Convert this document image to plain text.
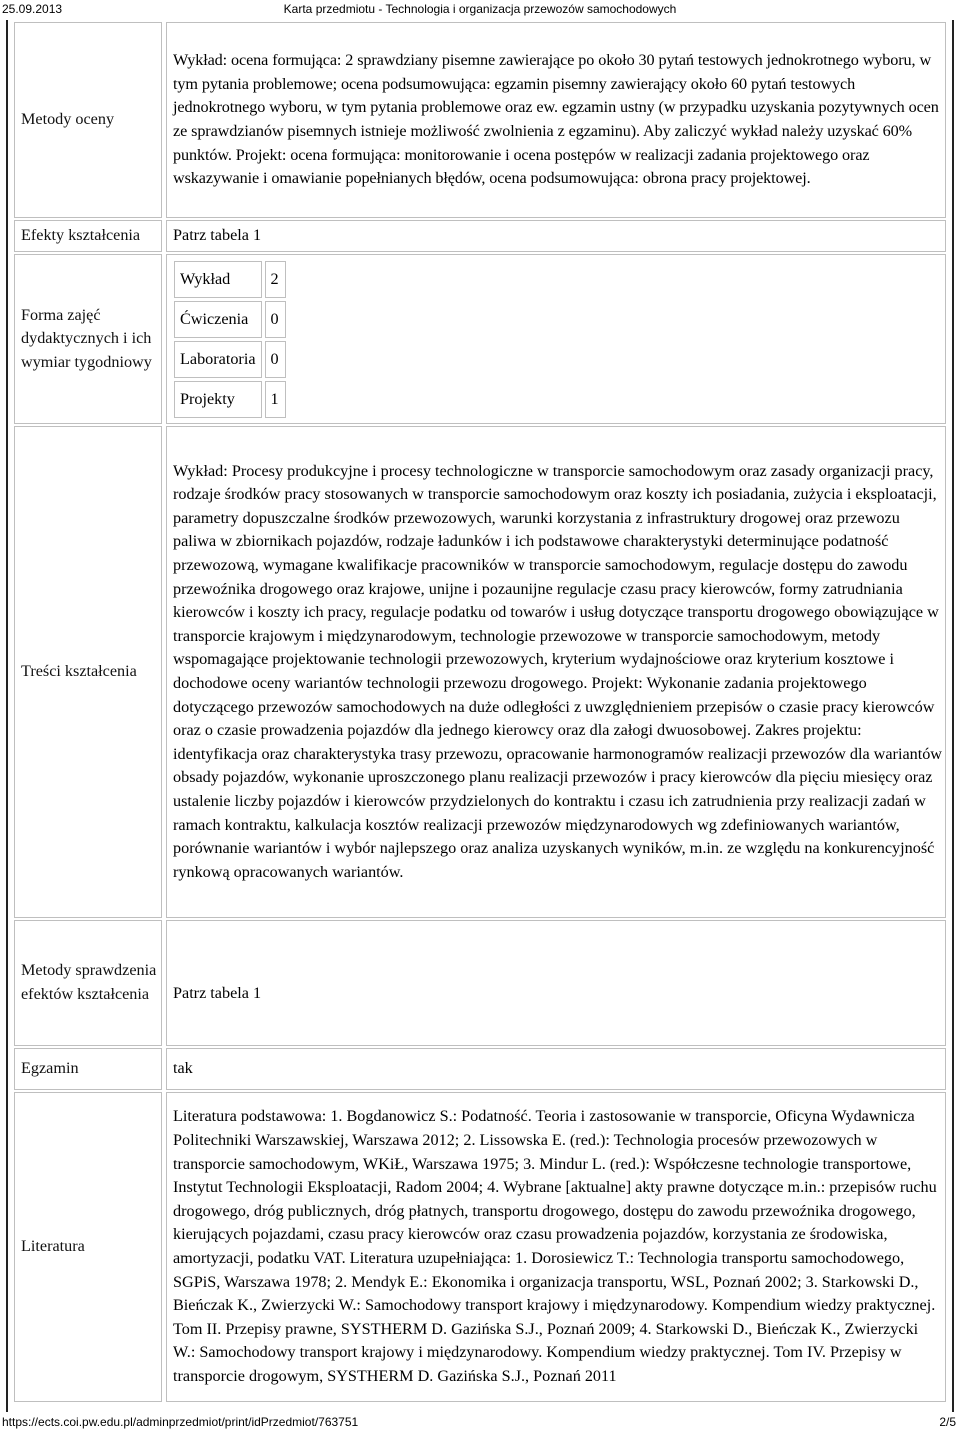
25.09.2013	Karta przedmiotu - Technologia i organizacja przewozów samochodowych
Metody oceny	Wykład: ocena formująca: 2 sprawdziany pisemne zawierające po około 30 pytań testowych jednokrotnego wyboru, w tym pytania problemowe; ocena podsumowująca: egzamin pisemny zawierający około 60 pytań testowych jednokrotnego wyboru, w tym pytania problemowe oraz ew. egzamin ustny (w przypadku uzyskania pozytywnych ocen ze sprawdzianów pisemnych istnieje możliwość zwolnienia z egzaminu). Aby zaliczyć wykład należy uzyskać 60% punktów. Projekt: ocena formująca: monitorowanie i ocena postępów w realizacji zadania projektowego oraz wskazywanie i omawianie popełnianych błędów, ocena podsumowująca: obrona pracy projektowej.
Efekty kształcenia	Patrz tabela 1
Forma zajęć dydaktycznych i ich wymiar tygodniowy	
Wykład	2
Ćwiczenia	0
Laboratoria	0
Projekty	1

Treści kształcenia	Wykład: Procesy produkcyjne i procesy technologiczne w transporcie samochodowym oraz zasady organizacji pracy, rodzaje środków pracy stosowanych w transporcie samochodowym oraz koszty ich posiadania, zużycia i eksploatacji, parametry dopuszczalne środków przewozowych, warunki korzystania z infrastruktury drogowej oraz przewozu paliwa w zbiornikach pojazdów, rodzaje ładunków i ich podstawowe charakterystyki determinujące podatność przewozową, wymagane kwalifikacje pracowników w transporcie samochodowym, regulacje dostępu do zawodu przewoźnika drogowego oraz krajowe, unijne i pozaunijne regulacje czasu pracy kierowców, formy zatrudniania kierowców i koszty ich pracy, regulacje podatku od towarów i usług dotyczące transportu drogowego obowiązujące w transporcie krajowym i międzynarodowym, technologie przewozowe w transporcie samochodowym, metody wspomagające projektowanie technologii przewozowych, kryterium wydajnościowe oraz kryterium kosztowe i dochodowe oceny wariantów technologii przewozu drogowego. Projekt: Wykonanie zadania projektowego dotyczącego przewozów samochodowych na duże odległości z uwzględnieniem przepisów o czasie pracy kierowców oraz o czasie prowadzenia pojazdów dla jednego kierowcy oraz dla załogi dwuosobowej. Zakres projektu: identyfikacja oraz charakterystyka trasy przewozu, opracowanie harmonogramów realizacji przewozów dla wariantów obsady pojazdów, wykonanie uproszczonego planu realizacji przewozów i pracy kierowców dla pięciu miesięcy oraz ustalenie liczby pojazdów i kierowców przydzielonych do kontraktu i czasu ich zatrudnienia przy realizacji zadań w ramach kontraktu, kalkulacja kosztów realizacji przewozów międzynarodowych wg zdefiniowanych wariantów, porównanie wariantów i wybór najlepszego oraz analiza uzyskanych wyników, m.in. ze względu na konkurencyjność rynkową opracowanych wariantów.
Metody sprawdzenia efektów kształcenia	Patrz tabela 1
Egzamin	tak
Literatura	Literatura podstawowa: 1. Bogdanowicz S.: Podatność. Teoria i zastosowanie w transporcie, Oficyna Wydawnicza Politechniki Warszawskiej, Warszawa 2012; 2. Lissowska E. (red.): Technologia procesów przewozowych w transporcie samochodowym, WKiŁ, Warszawa 1975; 3. Mindur L. (red.): Współczesne technologie transportowe, Instytut Technologii Eksploatacji, Radom 2004; 4. Wybrane [aktualne] akty prawne dotyczące m.in.: przepisów ruchu drogowego, dróg publicznych, dróg płatnych, transportu drogowego, dostępu do zawodu przewoźnika drogowego, kierujących pojazdami, czasu pracy kierowców oraz czasu prowadzenia pojazdów, korzystania ze środowiska, amortyzacji, podatku VAT. Literatura uzupełniająca: 1. Dorosiewicz T.: Technologia transportu samochodowego, SGPiS, Warszawa 1978; 2. Mendyk E.: Ekonomika i organizacja transportu, WSL, Poznań 2002; 3. Starkowski D., Bieńczak K., Zwierzycki W.: Samochodowy transport krajowy i międzynarodowy. Kompendium wiedzy praktycznej. Tom II. Przepisy prawne, SYSTHERM D. Gazińska S.J., Poznań 2009; 4. Starkowski D., Bieńczak K., Zwierzycki W.: Samochodowy transport krajowy i międzynarodowy. Kompendium wiedzy praktycznej. Tom IV. Przepisy w transporcie drogowym, SYSTHERM D. Gazińska S.J., Poznań 2011
https://ects.coi.pw.edu.pl/adminprzedmiot/print/idPrzedmiot/763751	2/5
